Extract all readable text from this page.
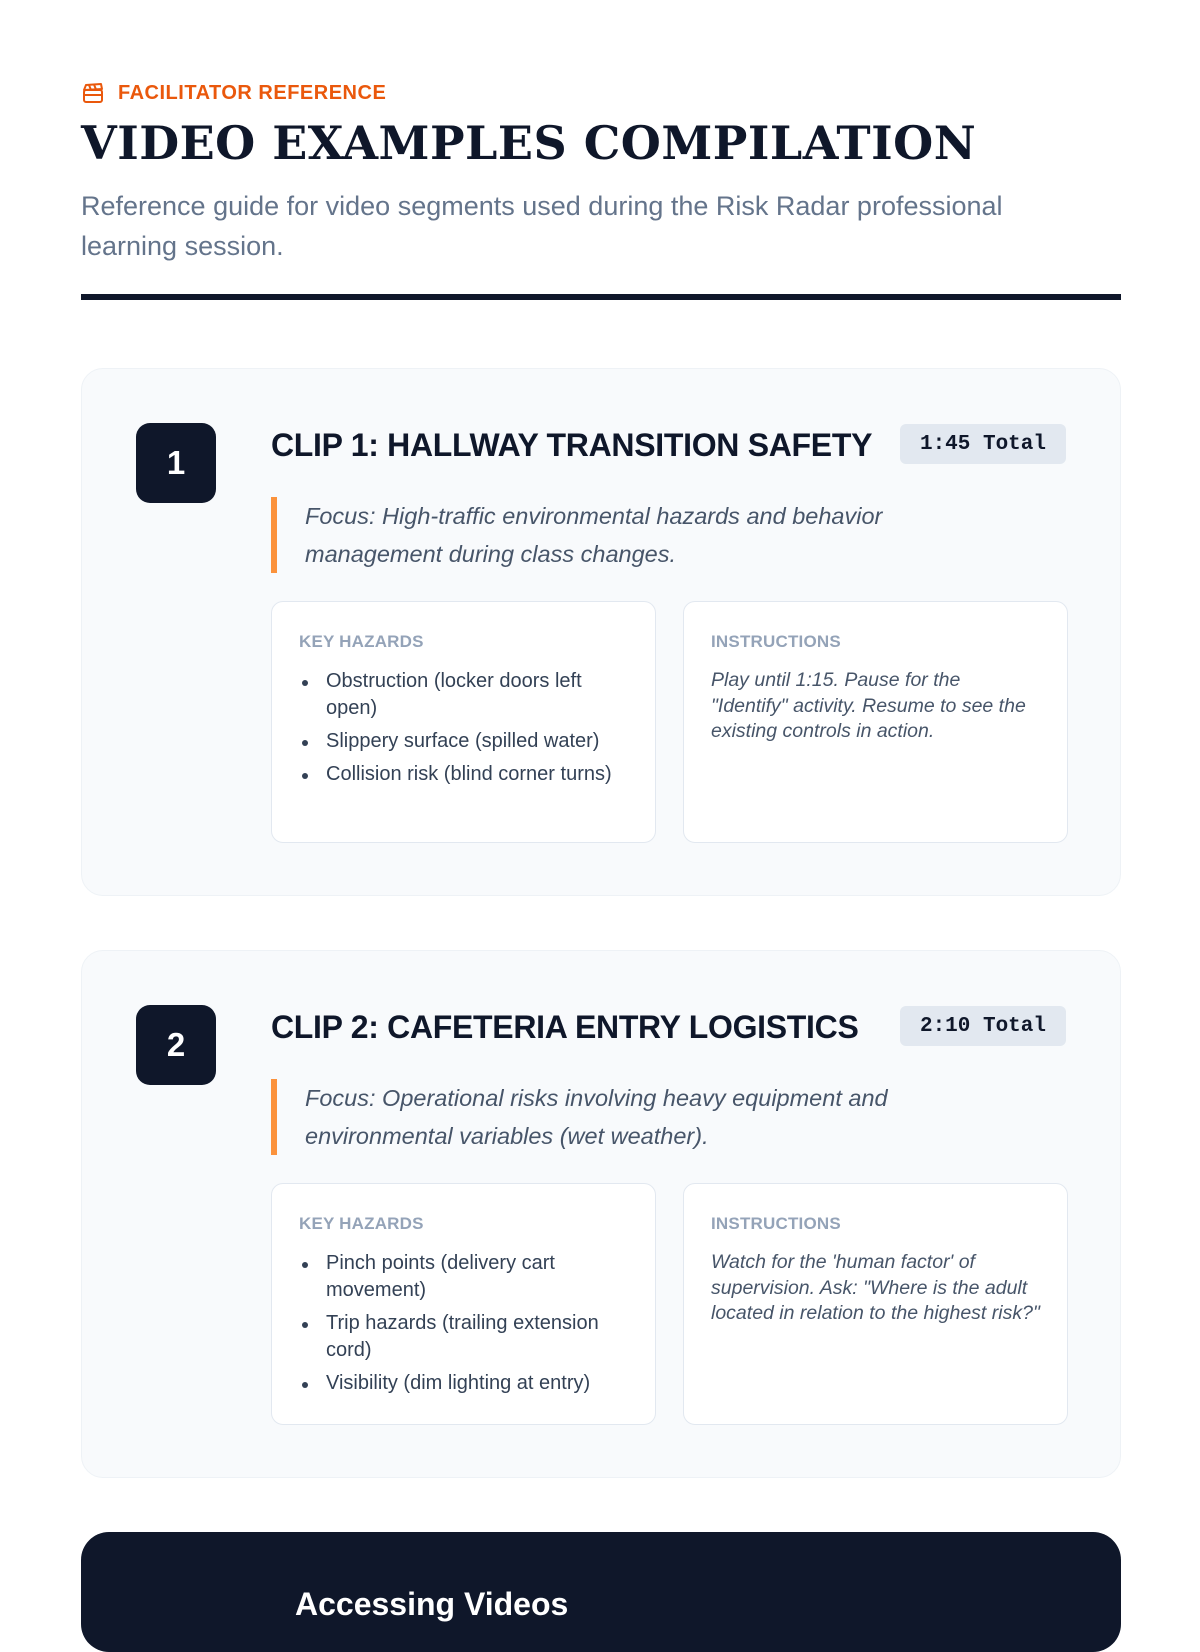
FACILITATOR REFERENCE
VIDEO EXAMPLES COMPILATION

Reference guide for video segments used during the Risk Radar professional learning session.

1	CLIP 1: HALLWAY TRANSITION SAFETY	1:45 Total

Focus: High-traffic environmental hazards and behavior management during class changes.

KEY HAZARDS
Obstruction (locker doors left open)
Slippery surface (spilled water)
Collision risk (blind corner turns)
INSTRUCTIONS

Play until 1:15. Pause for the "Identify" activity. Resume to see the existing controls in action.

2	CLIP 2: CAFETERIA ENTRY LOGISTICS	2:10 Total

Focus: Operational risks involving heavy equipment and environmental variables (wet weather).

KEY HAZARDS
Pinch points (delivery cart movement)
Trip hazards (trailing extension cord)
Visibility (dim lighting at entry)
INSTRUCTIONS

Watch for the 'human factor' of supervision. Ask: "Where is the adult located in relation to the highest risk?"

Accessing Videos
